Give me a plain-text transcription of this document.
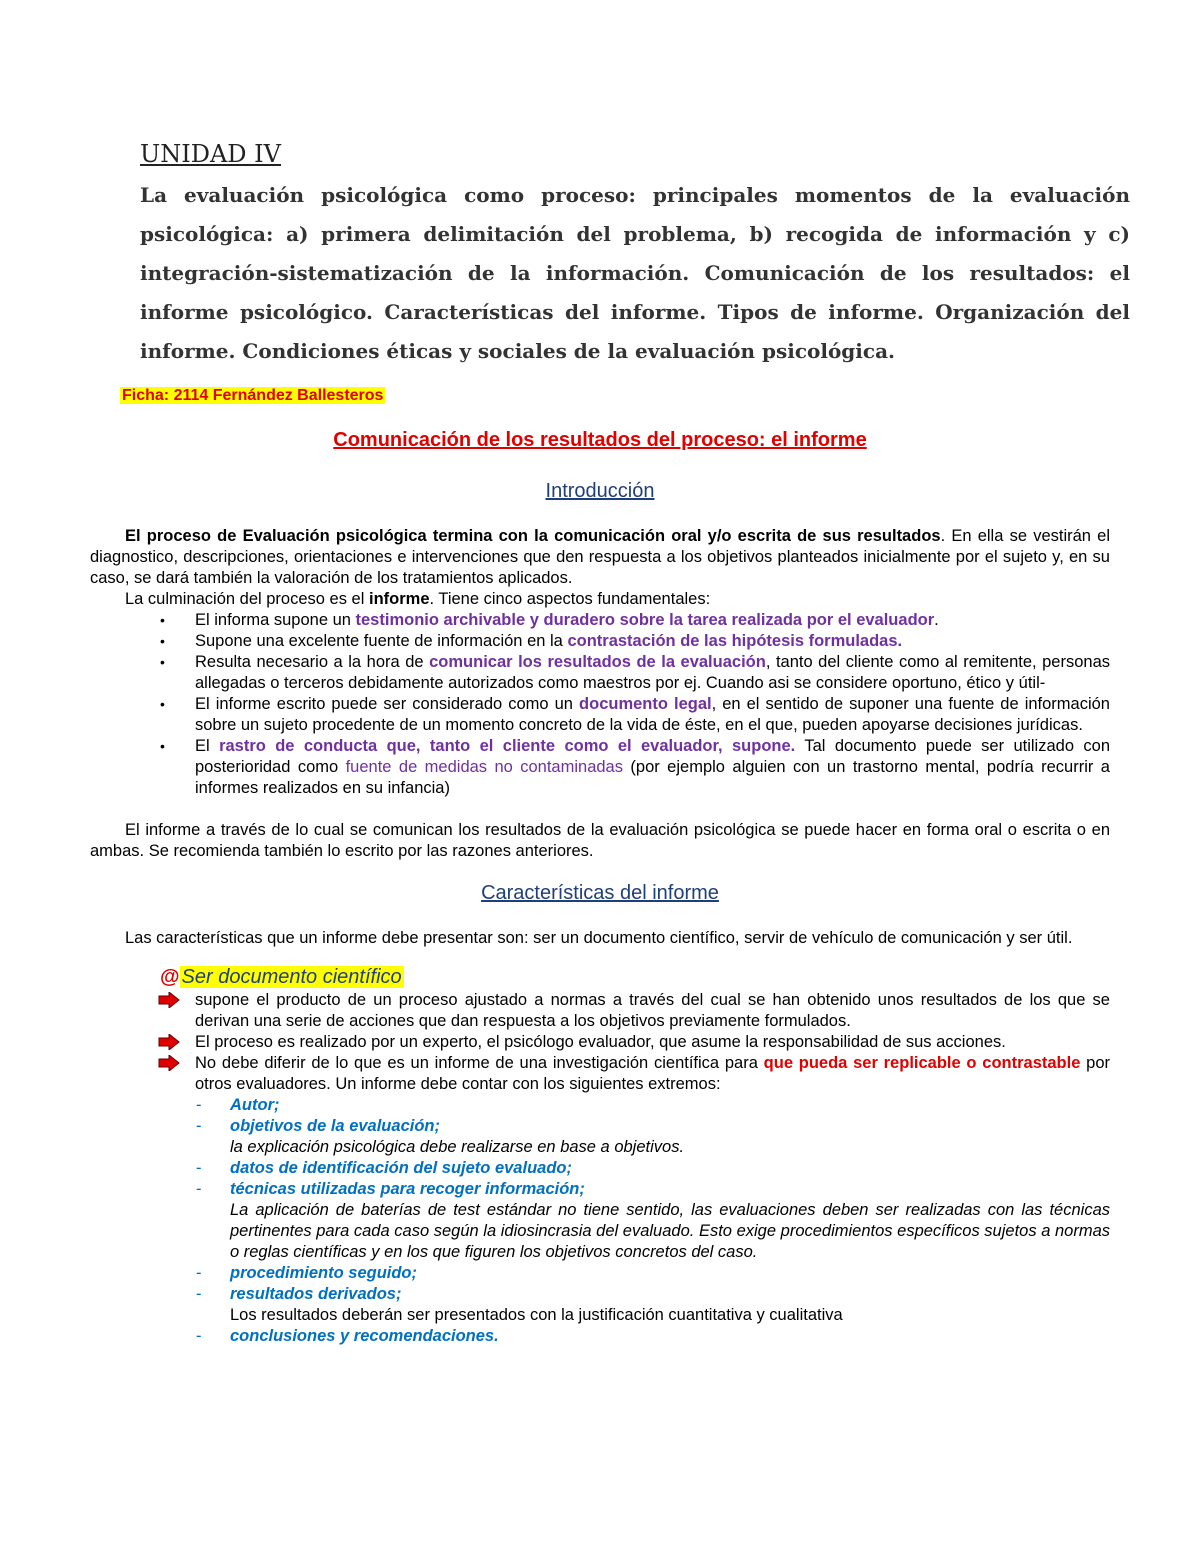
UNIDAD IV

La evaluación psicológica como proceso: principales momentos de la evaluación psicológica: a) primera delimitación del problema, b) recogida de información y c) integración-sistematización de la información. Comunicación de los resultados: el informe psicológico. Características del informe. Tipos de informe. Organización del informe. Condiciones éticas y sociales de la evaluación psicológica.

Ficha: 2114 Fernández Ballesteros
Comunicación de los resultados del proceso: el informe
Introducción

El proceso de Evaluación psicológica termina con la comunicación oral y/o escrita de sus resultados. En ella se vestirán el diagnostico, descripciones, orientaciones e intervenciones que den respuesta a los objetivos planteados inicialmente por el sujeto y, en su caso, se dará también la valoración de los tratamientos aplicados.

La culminación del proceso es el informe. Tiene cinco aspectos fundamentales:

• El informa supone un testimonio archivable y duradero sobre la tarea realizada por el evaluador.
• Supone una excelente fuente de información en la contrastación de las hipótesis formuladas.
• Resulta necesario a la hora de comunicar los resultados de la evaluación, tanto del cliente como al remitente, personas allegadas o terceros debidamente autorizados como maestros por ej. Cuando asi se considere oportuno, ético y útil-
• El informe escrito puede ser considerado como un documento legal, en el sentido de suponer una fuente de información sobre un sujeto procedente de un momento concreto de la vida de éste, en el que, pueden apoyarse decisiones jurídicas.
• El rastro de conducta que, tanto el cliente como el evaluador, supone. Tal documento puede ser utilizado con posterioridad como fuente de medidas no contaminadas (por ejemplo alguien con un trastorno mental, podría recurrir a informes realizados en su infancia)

El informe a través de lo cual se comunican los resultados de la evaluación psicológica se puede hacer en forma oral o escrita o en ambas. Se recomienda también lo escrito por las razones anteriores.

Características del informe

Las características que un informe debe presentar son: ser un documento científico, servir de vehículo de comunicación y ser útil.

@ Ser documento científico
supone el producto de un proceso ajustado a normas a través del cual se han obtenido unos resultados de los que se derivan una serie de acciones que dan respuesta a los objetivos previamente formulados.
El proceso es realizado por un experto, el psicólogo evaluador, que asume la responsabilidad de sus acciones.
No debe diferir de lo que es un informe de una investigación científica para que pueda ser replicable o contrastable por otros evaluadores. Un informe debe contar con los siguientes extremos:
- Autor;
- objetivos de la evaluación;
la explicación psicológica debe realizarse en base a objetivos.
- datos de identificación del sujeto evaluado;
- técnicas utilizadas para recoger información;
La aplicación de baterías de test estándar no tiene sentido, las evaluaciones deben ser realizadas con las técnicas pertinentes para cada caso según la idiosincrasia del evaluado. Esto exige procedimientos específicos sujetos a normas o reglas científicas y en los que figuren los objetivos concretos del caso.
- procedimiento seguido;
- resultados derivados;
Los resultados deberán ser presentados con la justificación cuantitativa y cualitativa
- conclusiones y recomendaciones.
